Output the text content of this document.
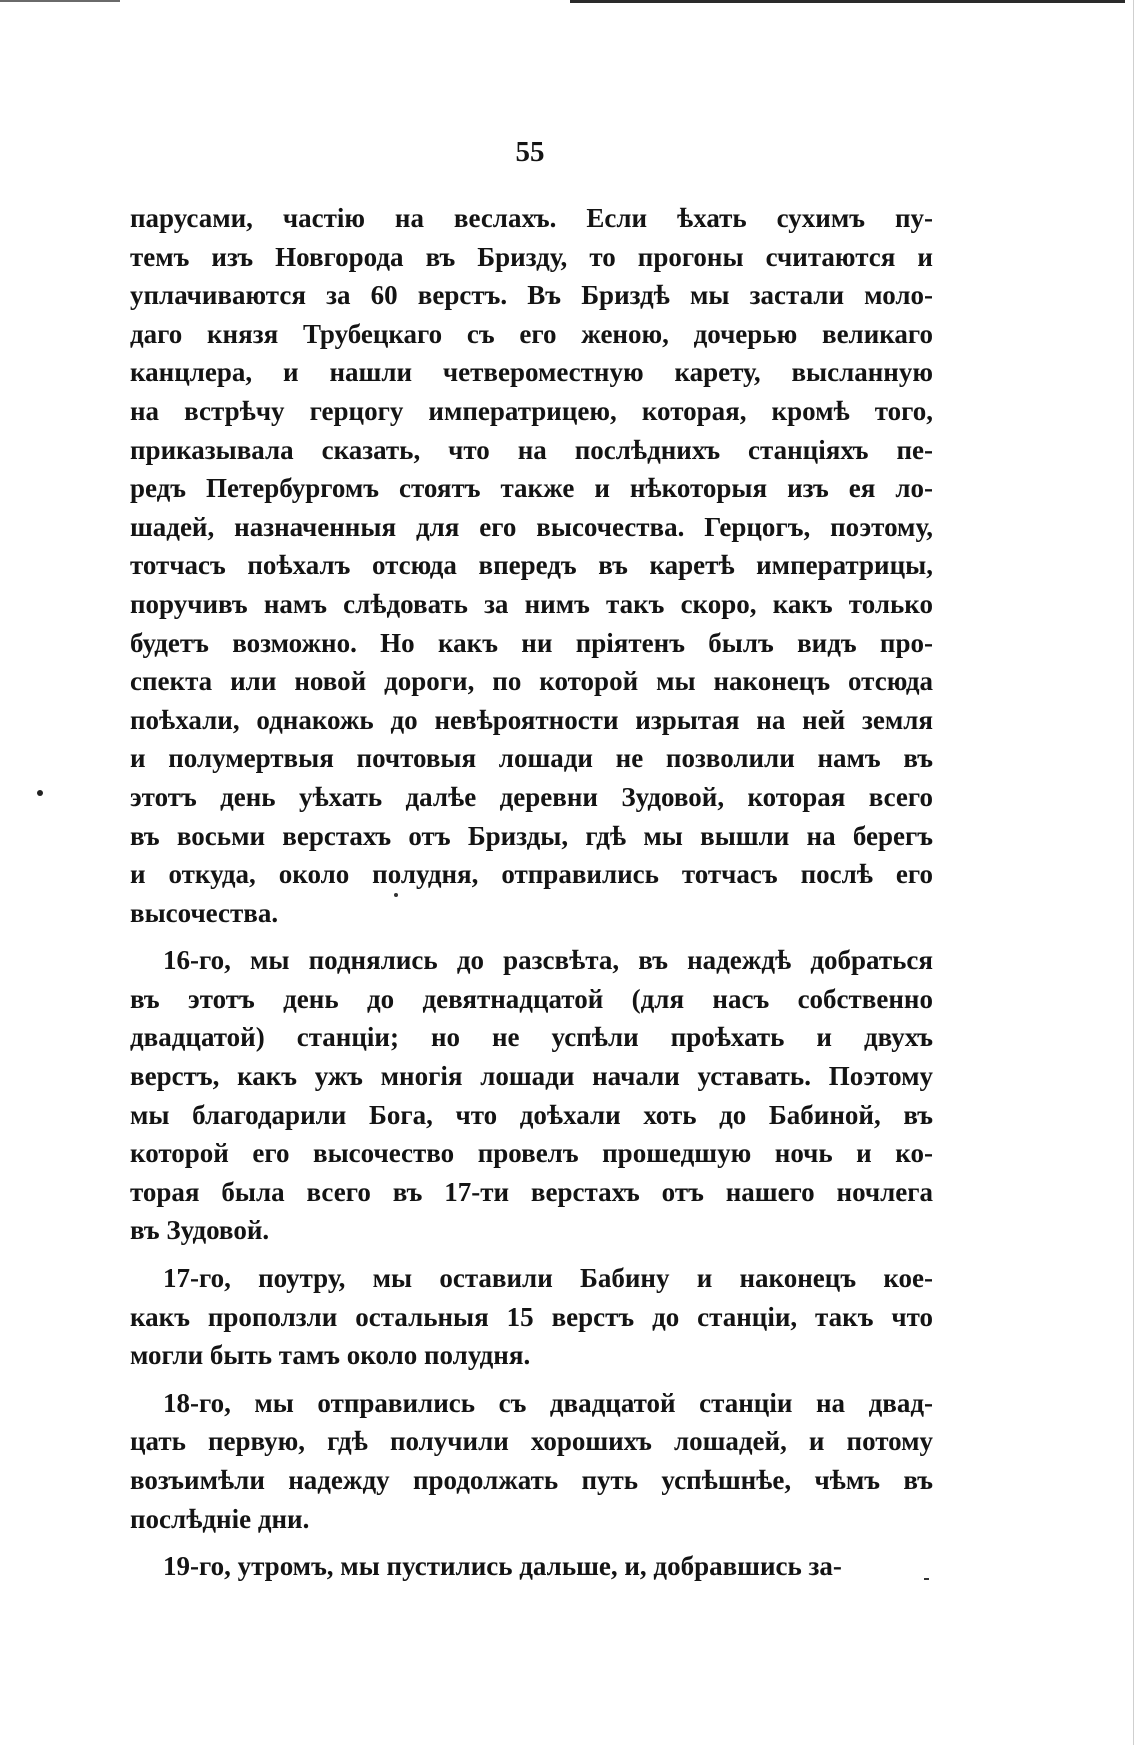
55
парусами, частію на веслахъ. Если ѣхать сухимъ пу-
темъ изъ Новгорода въ Бризду, то прогоны считаются и
уплачиваются за 60 верстъ. Въ Бриздѣ мы застали моло-
даго князя Трубецкаго съ его женою, дочерью великаго
канцлера, и нашли четвероместную карету, высланную
на встрѣчу герцогу императрицею, которая, кромѣ того,
приказывала сказать, что на послѣднихъ станціяхъ пе-
редъ Петербургомъ стоятъ также и нѣкоторыя изъ ея ло-
шадей, назначенныя для его высочества. Герцогъ, поэтому,
тотчасъ поѣхалъ отсюда впередъ въ каретѣ императрицы,
поручивъ намъ слѣдовать за нимъ такъ скоро, какъ только
будетъ возможно. Но какъ ни пріятенъ былъ видъ про-
спекта или новой дороги, по которой мы наконецъ отсюда
поѣхали, однакожь до невѣроятности изрытая на ней земля
и полумертвыя почтовыя лошади не позволили намъ въ
этотъ день уѣхать далѣе деревни Зудовой, которая всего
въ восьми верстахъ отъ Бризды, гдѣ мы вышли на берегъ
и откуда, около полудня, отправились тотчасъ послѣ его
высочества.
16-го, мы поднялись до разсвѣта, въ надеждѣ добраться
въ этотъ день до девятнадцатой (для насъ собственно
двадцатой) станціи; но не успѣли проѣхать и двухъ
верстъ, какъ ужъ многія лошади начали уставать. Поэтому
мы благодарили Бога, что доѣхали хоть до Бабиной, въ
которой его высочество провелъ прошедшую ночь и ко-
торая была всего въ 17-ти верстахъ отъ нашего ночлега
въ Зудовой.
17-го, поутру, мы оставили Бабину и наконецъ кое-
какъ проползли остальныя 15 верстъ до станціи, такъ что
могли быть тамъ около полудня.
18-го, мы отправились съ двадцатой станціи на двад-
цать первую, гдѣ получили хорошихъ лошадей, и потому
возъимѣли надежду продолжать путь успѣшнѣе, чѣмъ въ
послѣдніе дни.
19-го, утромъ, мы пустились дальше, и, добравшись за-
